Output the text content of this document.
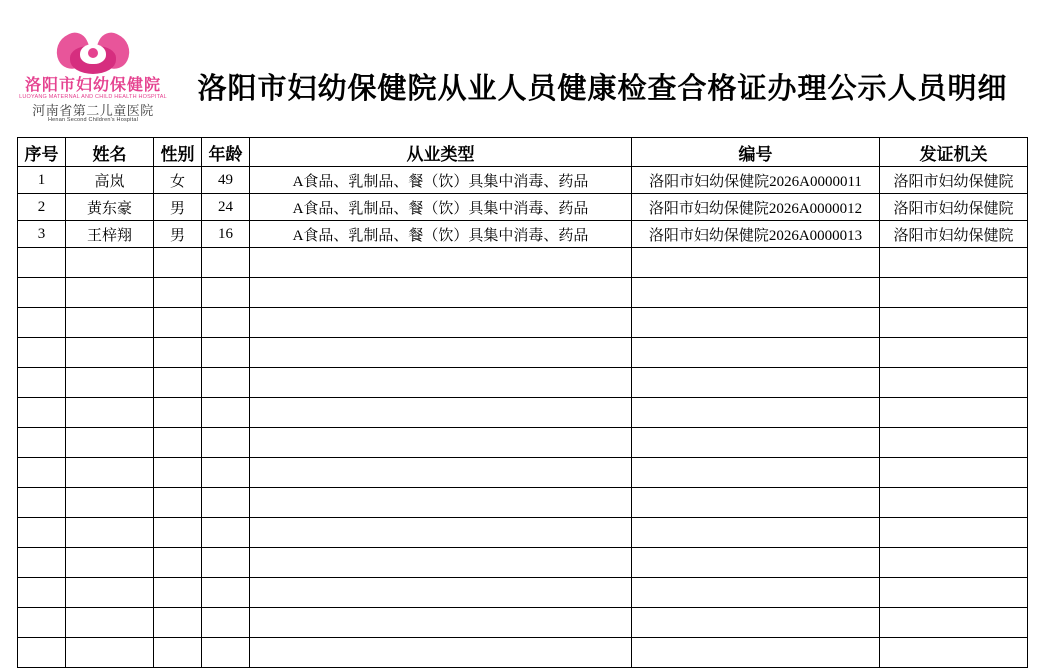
洛阳市妇幼保健院
LUOYANG MATERNAL AND CHILD HEALTH HOSPITAL
河南省第二儿童医院
Henan Second Children's Hospital
洛阳市妇幼保健院从业人员健康检查合格证办理公示人员明细
序号	姓名	性别	年龄	从业类型	编号	发证机关
1	高岚	女	49	A食品、乳制品、餐（饮）具集中消毒、药品	洛阳市妇幼保健院2026A0000011	洛阳市妇幼保健院
2	黄东豪	男	24	A食品、乳制品、餐（饮）具集中消毒、药品	洛阳市妇幼保健院2026A0000012	洛阳市妇幼保健院
3	王梓翔	男	16	A食品、乳制品、餐（饮）具集中消毒、药品	洛阳市妇幼保健院2026A0000013	洛阳市妇幼保健院
